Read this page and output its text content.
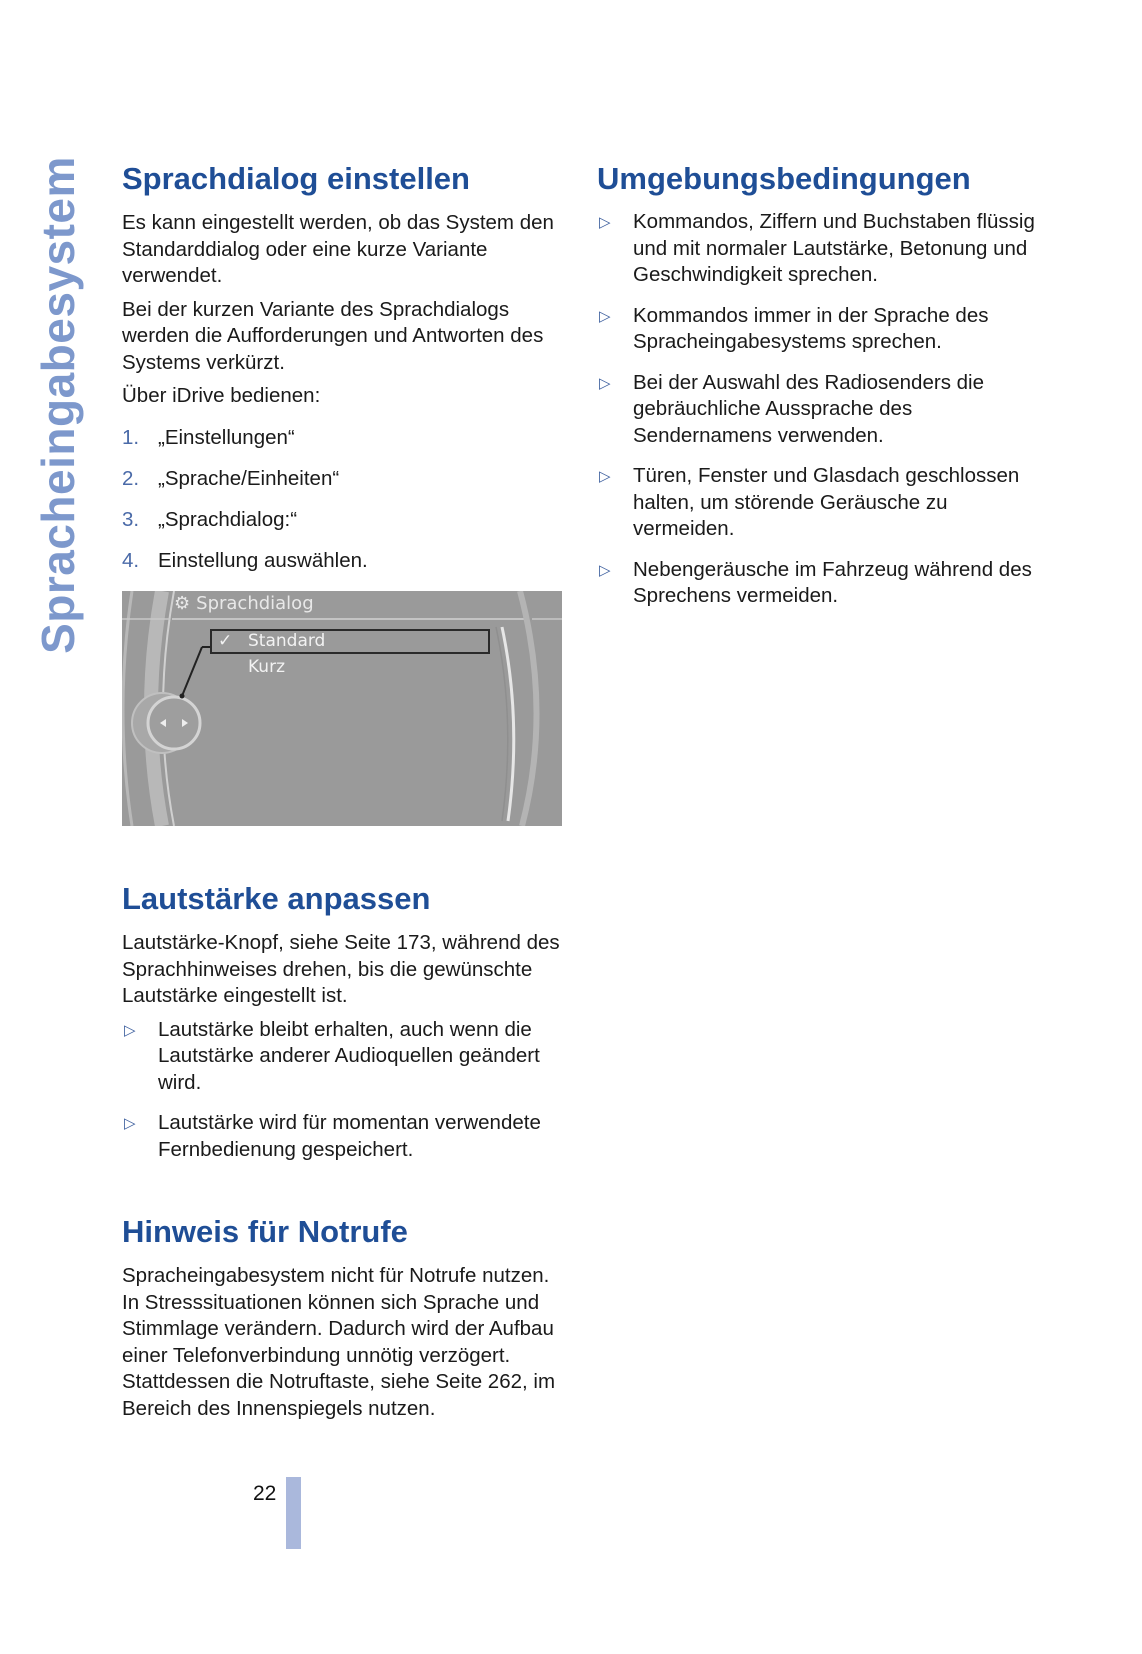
Spracheingabesystem Sprachdialog einstellen

Es kann eingestellt werden, ob das System den Standarddialog oder eine kurze Variante verwendet.

Bei der kurzen Variante des Sprachdialogs werden die Aufforderungen und Antworten des Systems verkürzt.

Über iDrive bedienen:

1. „Einstellungen“
2. „Sprache/Einheiten“
3. „Sprachdialog:“
4. Einstellung auswählen.
⚙ Sprachdialog
✓ Standard
Kurz
Lautstärke anpassen

Lautstärke-Knopf, siehe Seite 173, während des Sprachhinweises drehen, bis die gewünschte Lautstärke eingestellt ist.

▷ Lautstärke bleibt erhalten, auch wenn die Lautstärke anderer Audioquellen geändert wird.
▷ Lautstärke wird für momentan verwendete Fernbedienung gespeichert.
Hinweis für Notrufe

Spracheingabesystem nicht für Notrufe nutzen. In Stresssituationen können sich Sprache und Stimmlage verändern. Dadurch wird der Aufbau einer Telefonverbindung unnötig verzögert. Stattdessen die Notruftaste, siehe Seite 262, im Bereich des Innenspiegels nutzen.

Umgebungsbedingungen
▷ Kommandos, Ziffern und Buchstaben flüssig und mit normaler Lautstärke, Betonung und Geschwindigkeit sprechen.
▷ Kommandos immer in der Sprache des Spracheingabesystems sprechen.
▷ Bei der Auswahl des Radiosenders die gebräuchliche Aussprache des Sendernamens verwenden.
▷ Türen, Fenster und Glasdach geschlossen halten, um störende Geräusche zu vermeiden.
▷ Nebengeräusche im Fahrzeug während des Sprechens vermeiden.
22
